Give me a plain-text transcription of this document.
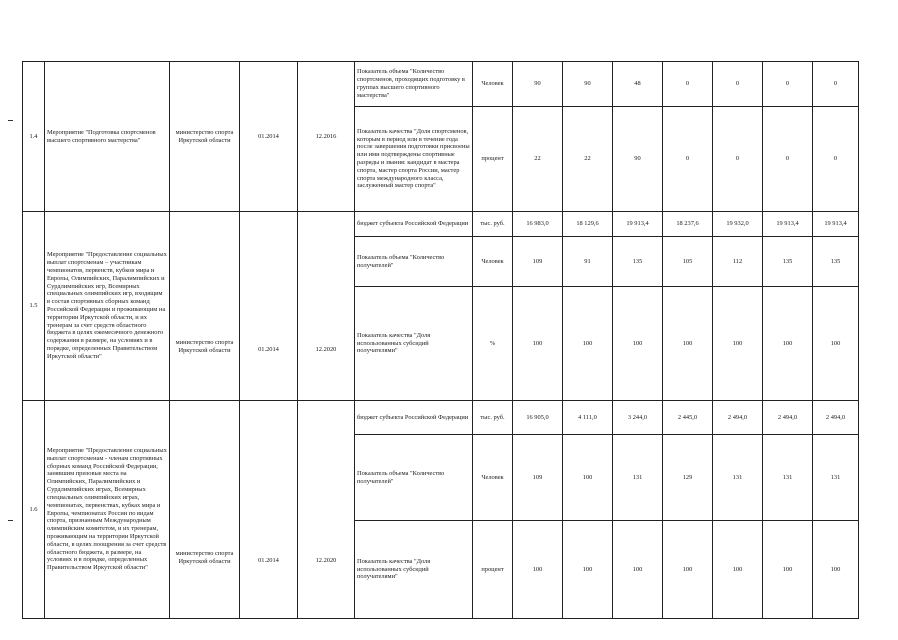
1.4	Мероприятие "Подготовка спортсменов высшего спортивного мастерства"	министерство спорта Иркутской области	01.2014	12.2016	Показатель объема "Количество спортсменов, проходящих подготовку в группах высшего спортивного мастерства"	Человек	90	90	48	0	0	0	0
					Показатель качества "Доля спортсменов, которым в период или в течение года после завершения подготовки присвоены или ими подтверждены спортивные разряды и звания: кандидат в мастера спорта, мастер спорта России, мастер спорта международного класса, заслуженный мастер спорта"	процент	22	22	90	0	0	0	0
1.5	Мероприятие "Предоставление социальных выплат спортсменам – участникам чемпионатов, первенств, кубков мира и Европы, Олимпийских, Паралимпийских и Сурдлимпийских игр, Всемирных специальных олимпийских игр, входящим в состав спортивных сборных команд Российской Федерации и проживающим на территории Иркутской области, и их тренерам за счет средств областного бюджета в целях ежемесячного денежного содержания в размере, на условиях и в порядке, определенных Правительством Иркутской области"	министерство спорта Иркутской области	01.2014	12.2020	бюджет субъекта Российской Федерации	тыс. руб.	16 983,0	18 129,6	19 913,4	18 237,6	19 932,0	19 913,4	19 913,4
					Показатель объема "Количество получателей"	Человек	109	91	135	105	112	135	135
					Показатель качества "Доля использованных субсидий получателями"	%	100	100	100	100	100	100	100
1.6	Мероприятие "Предоставление социальных выплат спортсменам - членам спортивных сборных команд Российской Федерации, занявшим призовые места на Олимпийских, Паралимпийских и Сурдлимпийских играх, Всемирных специальных олимпийских играх, чемпионатах, первенствах, кубках мира и Европы, чемпионатах России по видам спорта, признанным Международным олимпийским комитетом, и их тренерам, проживающим на территории Иркутской области, в целях поощрения за счет средств областного бюджета, в размере, на условиях и в порядке, определенных Правительством Иркутской области"	министерство спорта Иркутской области	01.2014	12.2020	бюджет субъекта Российской Федерации	тыс. руб.	16 905,0	4 111,0	3 244,0	2 445,0	2 494,0	2 494,0	2 494,0
					Показатель объема "Количество получателей"	Человек	109	100	131	129	131	131	131
					Показатель качества "Доля использованных субсидий получателями"	процент	100	100	100	100	100	100	100
